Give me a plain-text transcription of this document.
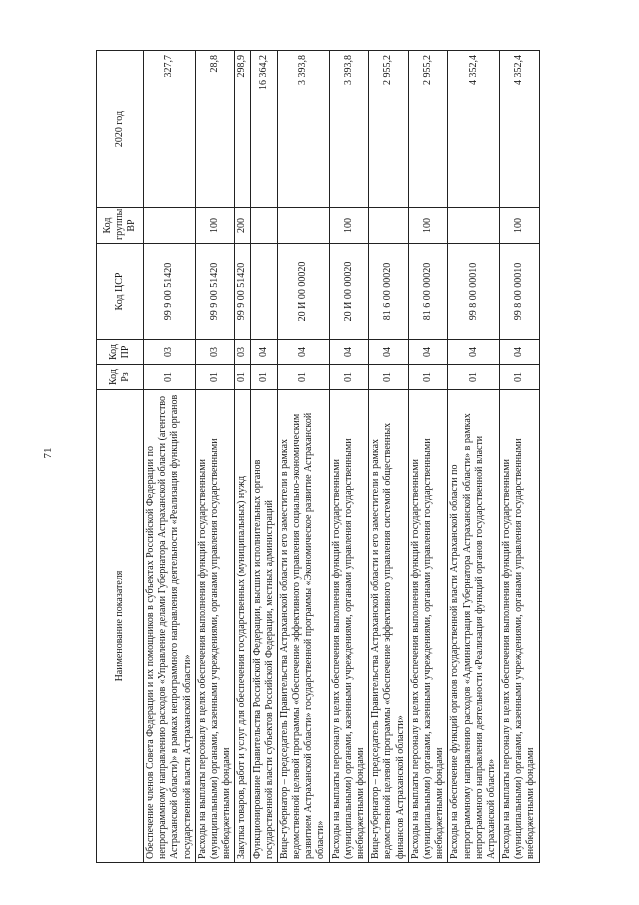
71
Наименование показателя	Код Рз	Код ПР	Код ЦСР	Код группы ВР	2020 год
Обеспечение членов Совета Федерации и их помощников в субъектах Российской Федерации по непрограммному направлению расходов «Управление делами Губернатора Астраханской области (агентство Астраханской области)» в рамках непрограммного направления деятельности «Реализация функций органов государственной власти Астраханской области»	01	03	99 9 00 51420		327,7
Расходы на выплаты персоналу в целях обеспечения выполнения функций государственными (муниципальными) органами, казенными учреждениями, органами управления государственными внебюджетными фондами	01	03	99 9 00 51420	100	28,8
Закупка товаров, работ и услуг для обеспечения государственных (муниципальных) нужд	01	03	99 9 00 51420	200	298,9
Функционирование Правительства Российской Федерации, высших исполнительных органов государственной власти субъектов Российской Федерации, местных администраций	01	04			16 364,2
Вице-губернатор – председатель Правительства Астраханской области и его заместители в рамках ведомственной целевой программы «Обеспечение эффективного управления социально-экономическим развитием Астраханской области» государственной программы «Экономическое развитие Астраханской области»	01	04	20 И 00 00020		3 393,8
Расходы на выплаты персоналу в целях обеспечения выполнения функций государственными (муниципальными) органами, казенными учреждениями, органами управления государственными внебюджетными фондами	01	04	20 И 00 00020	100	3 393,8
Вице-губернатор – председатель Правительства Астраханской области и его заместители в рамках ведомственной целевой программы «Обеспечение эффективного управления системой общественных финансов Астраханской области»	01	04	81 6 00 00020		2 955,2
Расходы на выплаты персоналу в целях обеспечения выполнения функций государственными (муниципальными) органами, казенными учреждениями, органами управления государственными внебюджетными фондами	01	04	81 6 00 00020	100	2 955,2
Расходы на обеспечение функций органов государственной власти Астраханской области по непрограммному направлению расходов «Администрация Губернатора Астраханской области» в рамках непрограммного направления деятельности «Реализация функций органов государственной власти Астраханской области»	01	04	99 8 00 00010		4 352,4
Расходы на выплаты персоналу в целях обеспечения выполнения функций государственными (муниципальными) органами, казенными учреждениями, органами управления государственными внебюджетными фондами	01	04	99 8 00 00010	100	4 352,4
